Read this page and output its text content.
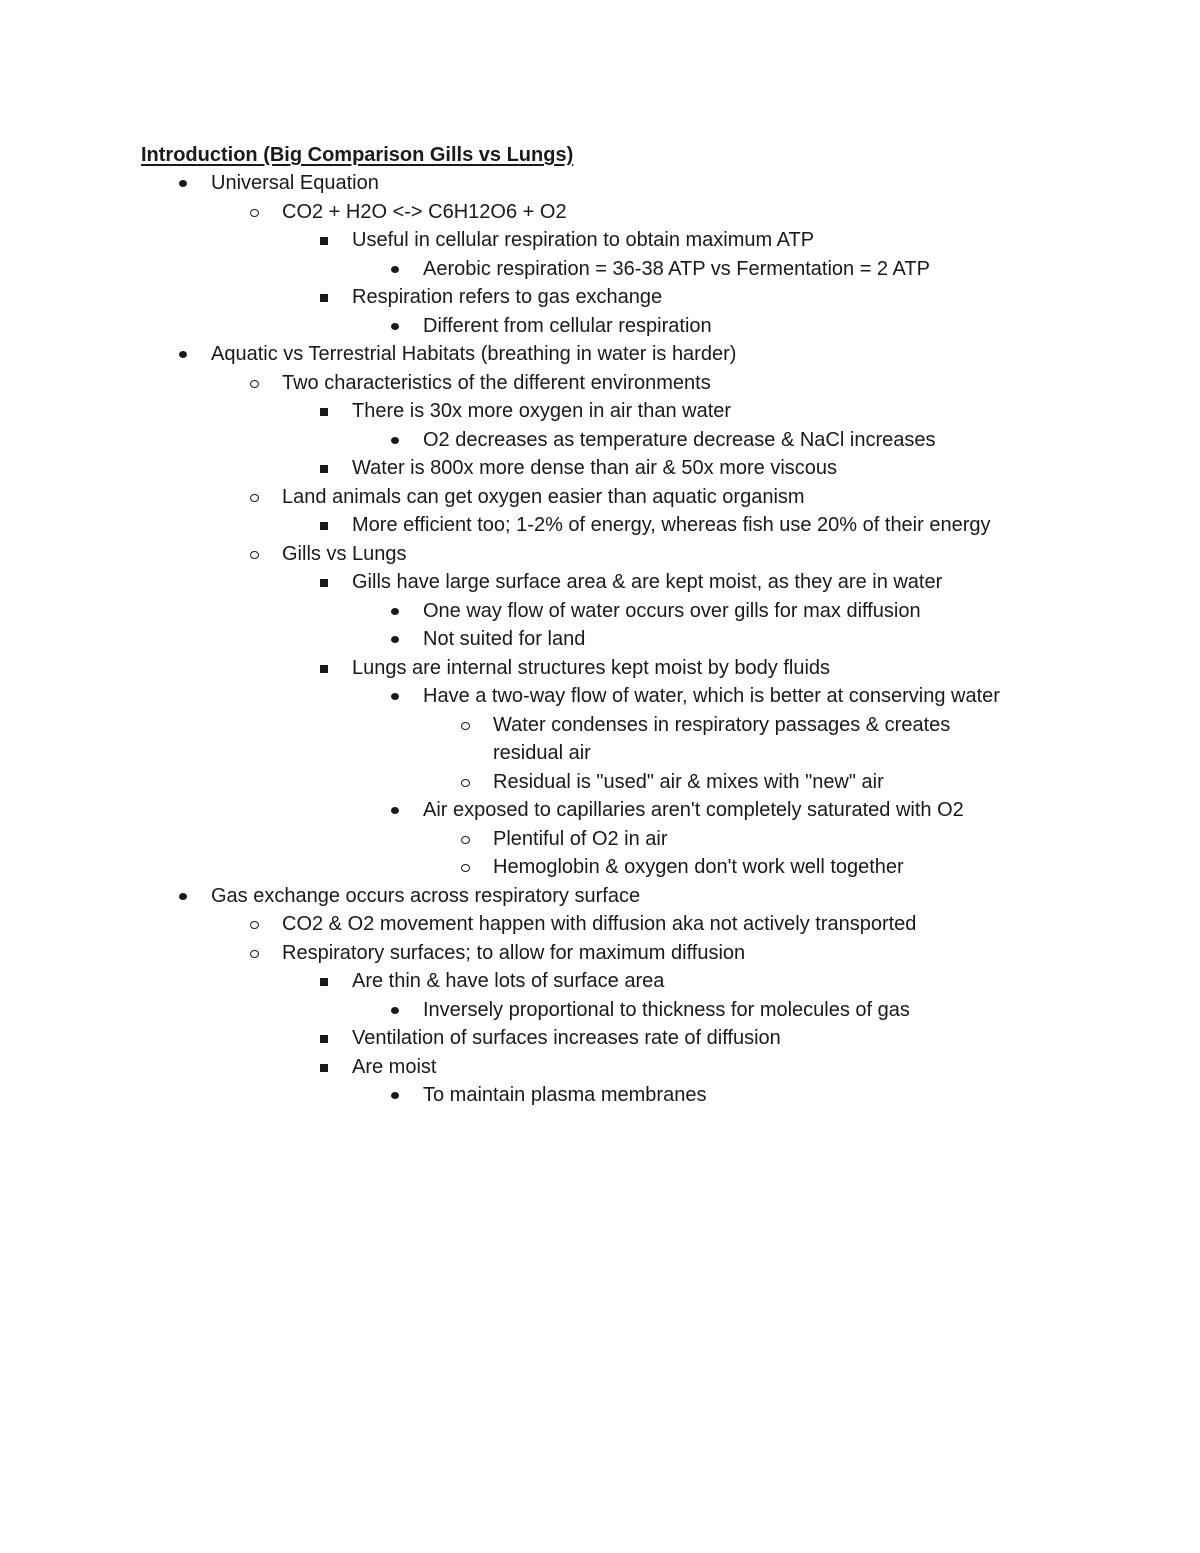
Introduction (Big Comparison Gills vs Lungs)
Universal Equation
CO2 + H2O <-> C6H12O6 + O2
Useful in cellular respiration to obtain maximum ATP
Aerobic respiration = 36-38 ATP vs Fermentation = 2 ATP
Respiration refers to gas exchange
Different from cellular respiration
Aquatic vs Terrestrial Habitats (breathing in water is harder)
Two characteristics of the different environments
There is 30x more oxygen in air than water
O2 decreases as temperature decrease & NaCl increases
Water is 800x more dense than air & 50x more viscous
Land animals can get oxygen easier than aquatic organism
More efficient too; 1-2% of energy, whereas fish use 20% of their energy
Gills vs Lungs
Gills have large surface area & are kept moist, as they are in water
One way flow of water occurs over gills for max diffusion
Not suited for land
Lungs are internal structures kept moist by body fluids
Have a two-way flow of water, which is better at conserving water
Water condenses in respiratory passages & creates residual air
Residual is "used" air & mixes with "new" air
Air exposed to capillaries aren't completely saturated with O2
Plentiful of O2 in air
Hemoglobin & oxygen don't work well together
Gas exchange occurs across respiratory surface
CO2 & O2 movement happen with diffusion aka not actively transported
Respiratory surfaces; to allow for maximum diffusion
Are thin & have lots of surface area
Inversely proportional to thickness for molecules of gas
Ventilation of surfaces increases rate of diffusion
Are moist
To maintain plasma membranes
